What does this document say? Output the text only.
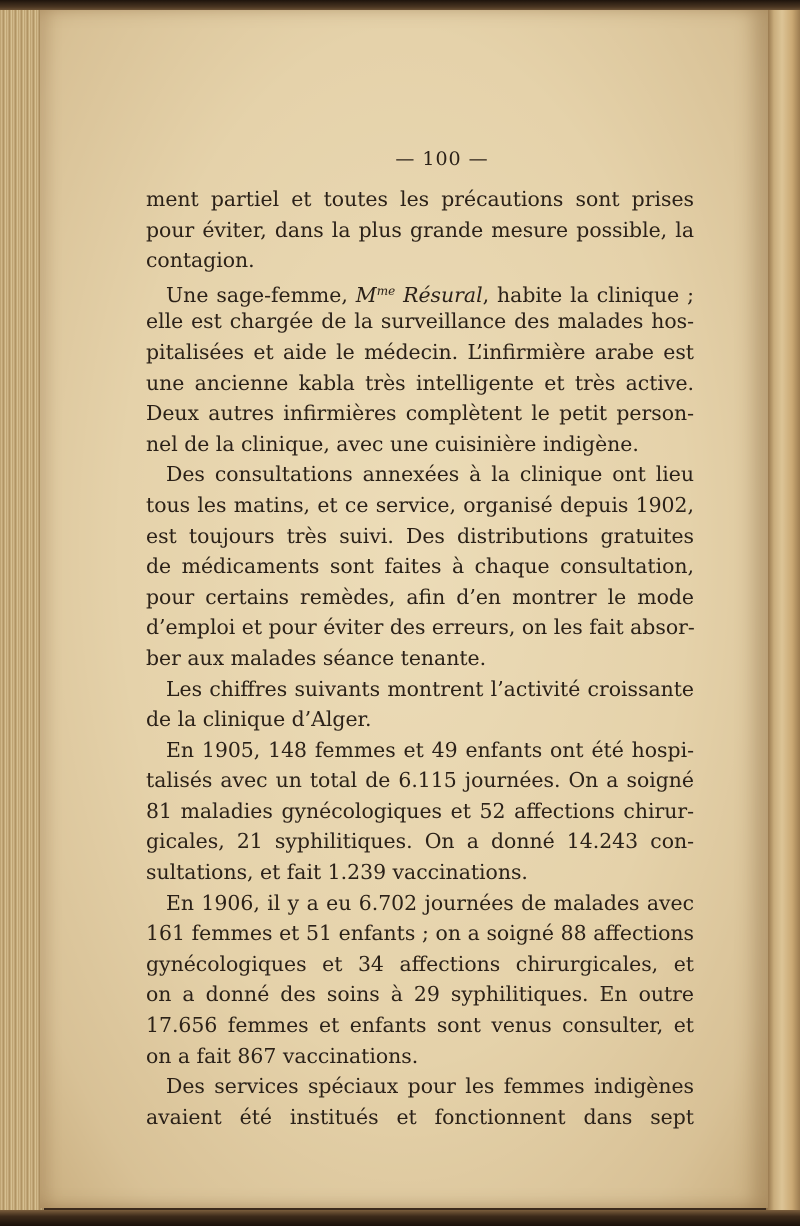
— 100 —
ment partiel et toutes les précautions sont prises
pour éviter, dans la plus grande mesure possible, la
contagion.
Une sage-femme, $M^{me}$ Résural, habite la clinique ;
elle est chargée de la surveillance des malades hos-
pitalisées et aide le médecin. L’infirmière arabe est
une ancienne kabla très intelligente et très active.
Deux autres infirmières complètent le petit person-
nel de la clinique, avec une cuisinière indigène.
Des consultations annexées à la clinique ont lieu
tous les matins, et ce service, organisé depuis 1902,
est toujours très suivi. Des distributions gratuites
de médicaments sont faites à chaque consultation,
pour certains remèdes, afin d’en montrer le mode
d’emploi et pour éviter des erreurs, on les fait absor-
ber aux malades séance tenante.
Les chiffres suivants montrent l’activité croissante
de la clinique d’Alger.
En 1905, 148 femmes et 49 enfants ont été hospi-
talisés avec un total de 6.115 journées. On a soigné
81 maladies gynécologiques et 52 affections chirur-
gicales, 21 syphilitiques. On a donné 14.243 con-
sultations, et fait 1.239 vaccinations.
En 1906, il y a eu 6.702 journées de malades avec
161 femmes et 51 enfants ; on a soigné 88 affections
gynécologiques et 34 affections chirurgicales, et
on a donné des soins à 29 syphilitiques. En outre
17.656 femmes et enfants sont venus consulter, et
on a fait 867 vaccinations.
Des services spéciaux pour les femmes indigènes
avaient été institués et fonctionnent dans sept
